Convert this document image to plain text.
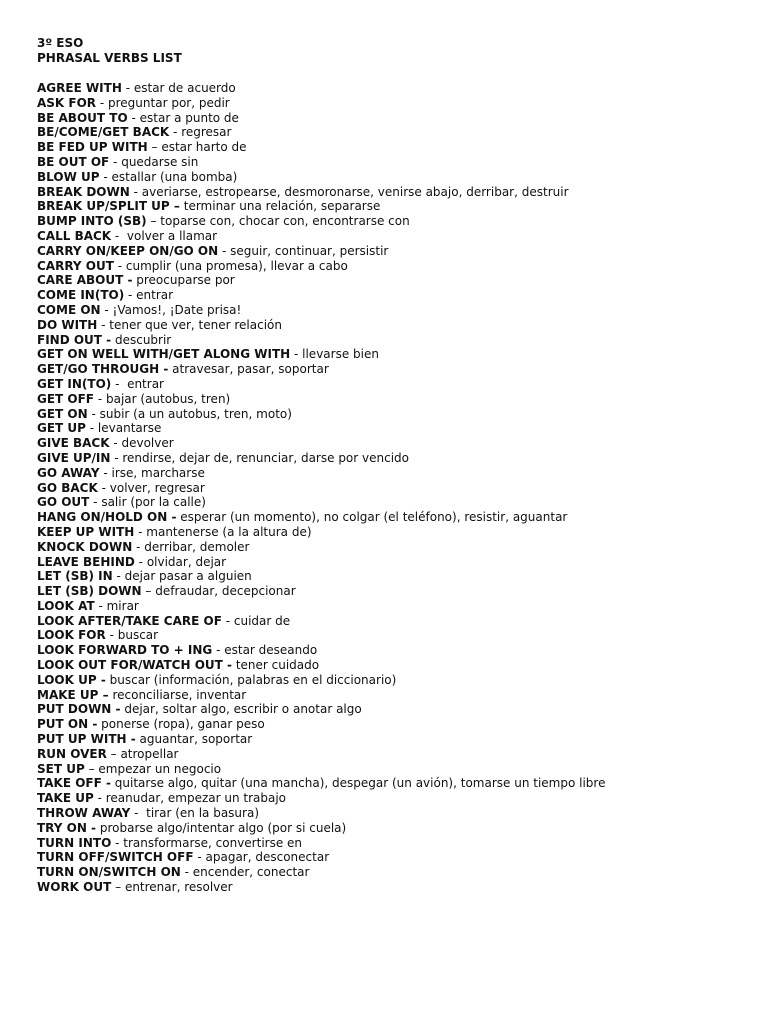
3º ESO
PHRASAL VERBS LIST
AGREE WITH - estar de acuerdo
ASK FOR - preguntar por, pedir
BE ABOUT TO - estar a punto de
BE/COME/GET BACK - regresar
BE FED UP WITH – estar harto de
BE OUT OF - quedarse sin
BLOW UP - estallar (una bomba)
BREAK DOWN - averiarse, estropearse, desmoronarse, venirse abajo, derribar, destruir
BREAK UP/SPLIT UP – terminar una relación, separarse
BUMP INTO (SB) – toparse con, chocar con, encontrarse con
CALL BACK -  volver a llamar
CARRY ON/KEEP ON/GO ON - seguir, continuar, persistir
CARRY OUT - cumplir (una promesa), llevar a cabo
CARE ABOUT - preocuparse por
COME IN(TO) - entrar
COME ON - ¡Vamos!, ¡Date prisa!
DO WITH - tener que ver, tener relación
FIND OUT - descubrir
GET ON WELL WITH/GET ALONG WITH - llevarse bien
GET/GO THROUGH - atravesar, pasar, soportar
GET IN(TO) -  entrar
GET OFF - bajar (autobus, tren)
GET ON - subir (a un autobus, tren, moto)
GET UP - levantarse
GIVE BACK - devolver
GIVE UP/IN - rendirse, dejar de, renunciar, darse por vencido
GO AWAY - irse, marcharse
GO BACK - volver, regresar
GO OUT - salir (por la calle)
HANG ON/HOLD ON - esperar (un momento), no colgar (el teléfono), resistir, aguantar
KEEP UP WITH - mantenerse (a la altura de)
KNOCK DOWN - derribar, demoler
LEAVE BEHIND - olvidar, dejar
LET (SB) IN - dejar pasar a alguien
LET (SB) DOWN – defraudar, decepcionar
LOOK AT - mirar
LOOK AFTER/TAKE CARE OF - cuidar de
LOOK FOR - buscar
LOOK FORWARD TO + ING - estar deseando
LOOK OUT FOR/WATCH OUT - tener cuidado
LOOK UP - buscar (información, palabras en el diccionario)
MAKE UP – reconciliarse, inventar
PUT DOWN - dejar, soltar algo, escribir o anotar algo
PUT ON - ponerse (ropa), ganar peso
PUT UP WITH - aguantar, soportar
RUN OVER – atropellar
SET UP – empezar un negocio
TAKE OFF - quitarse algo, quitar (una mancha), despegar (un avión), tomarse un tiempo libre
TAKE UP - reanudar, empezar un trabajo
THROW AWAY -  tirar (en la basura)
TRY ON - probarse algo/intentar algo (por si cuela)
TURN INTO - transformarse, convertirse en
TURN OFF/SWITCH OFF - apagar, desconectar
TURN ON/SWITCH ON - encender, conectar
WORK OUT – entrenar, resolver
